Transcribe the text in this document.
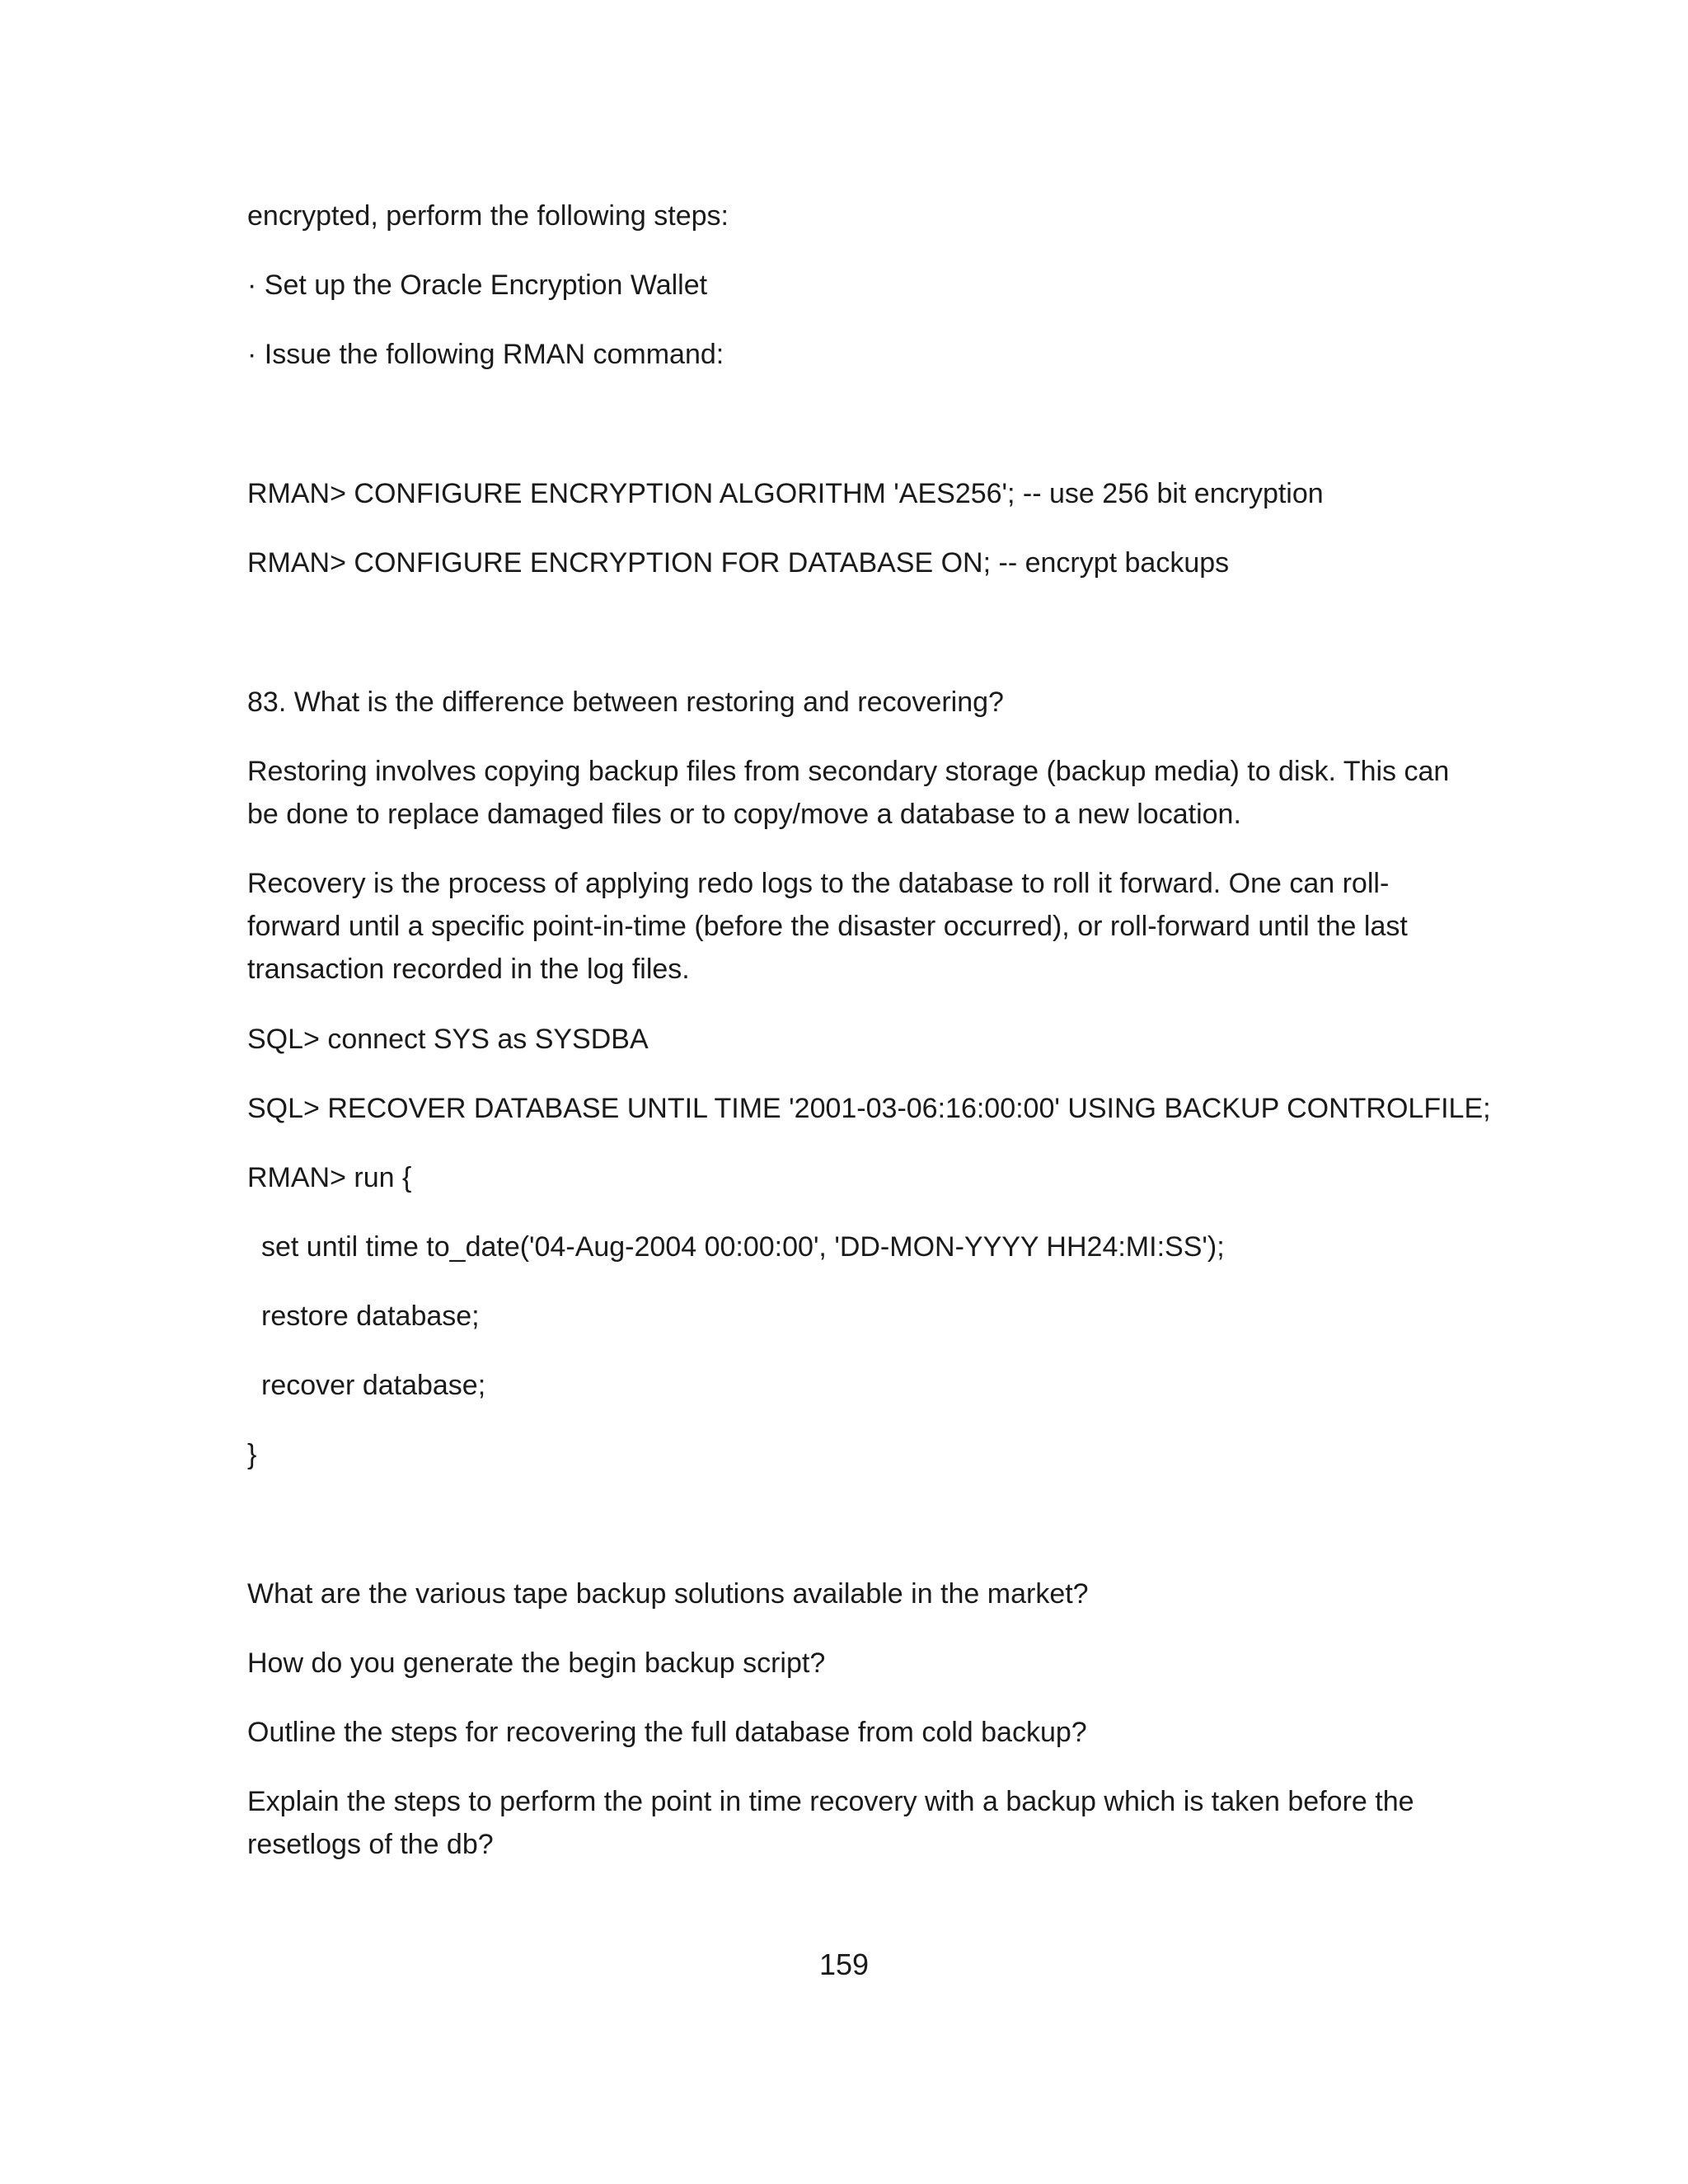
encrypted, perform the following steps:

· Set up the Oracle Encryption Wallet

· Issue the following RMAN command:

RMAN> CONFIGURE ENCRYPTION ALGORITHM 'AES256'; -- use 256 bit encryption

RMAN> CONFIGURE ENCRYPTION FOR DATABASE ON; -- encrypt backups

83. What is the difference between restoring and recovering?

Restoring involves copying backup files from secondary storage (backup media) to disk. This can
be done to replace damaged files or to copy/move a database to a new location.
Recovery is the process of applying redo logs to the database to roll it forward. One can roll-
forward until a specific point-in-time (before the disaster occurred), or roll-forward until the last
transaction recorded in the log files.

SQL> connect SYS as SYSDBA

SQL> RECOVER DATABASE UNTIL TIME '2001-03-06:16:00:00' USING BACKUP CONTROLFILE;

RMAN> run {

set until time to_date('04-Aug-2004 00:00:00', 'DD-MON-YYYY HH24:MI:SS');

restore database;

recover database;

}

What are the various tape backup solutions available in the market?

How do you generate the begin backup script?

Outline the steps for recovering the full database from cold backup?

Explain the steps to perform the point in time recovery with a backup which is taken before the
resetlogs of the db?
159
